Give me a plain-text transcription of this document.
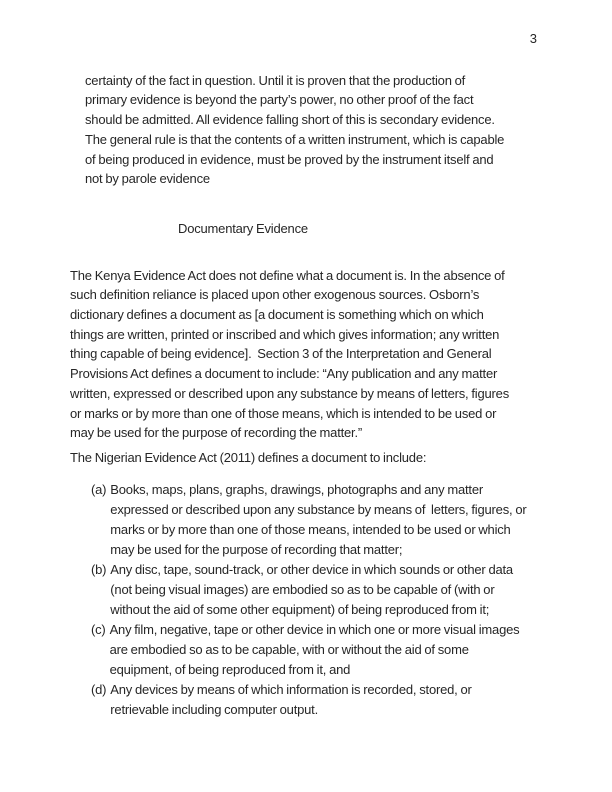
3
certainty of the fact in question. Until it is proven that the production of
primary evidence is beyond the party’s power, no other proof of the fact
should be admitted. All evidence falling short of this is secondary evidence.
The general rule is that the contents of a written instrument, which is capable
of being produced in evidence, must be proved by the instrument itself and
not by parole evidence
Documentary Evidence
The Kenya Evidence Act does not define what a document is. In the absence of
such definition reliance is placed upon other exogenous sources. Osborn’s
dictionary defines a document as [a document is something which on which
things are written, printed or inscribed and which gives information; any written
thing capable of being evidence].  Section 3 of the Interpretation and General
Provisions Act defines a document to include: “Any publication and any matter
written, expressed or described upon any substance by means of letters, figures
or marks or by more than one of those means, which is intended to be used or
may be used for the purpose of recording the matter.”
The Nigerian Evidence Act (2011) defines a document to include:
(a) Books, maps, plans, graphs, drawings, photographs and any matter
expressed or described upon any substance by means of  letters, figures, or
marks or by more than one of those means, intended to be used or which
may be used for the purpose of recording that matter;
(b) Any disc, tape, sound-track, or other device in which sounds or other data
(not being visual images) are embodied so as to be capable of (with or
without the aid of some other equipment) of being reproduced from it;
(c) Any film, negative, tape or other device in which one or more visual images
are embodied so as to be capable, with or without the aid of some
equipment, of being reproduced from it, and
(d) Any devices by means of which information is recorded, stored, or
retrievable including computer output.
